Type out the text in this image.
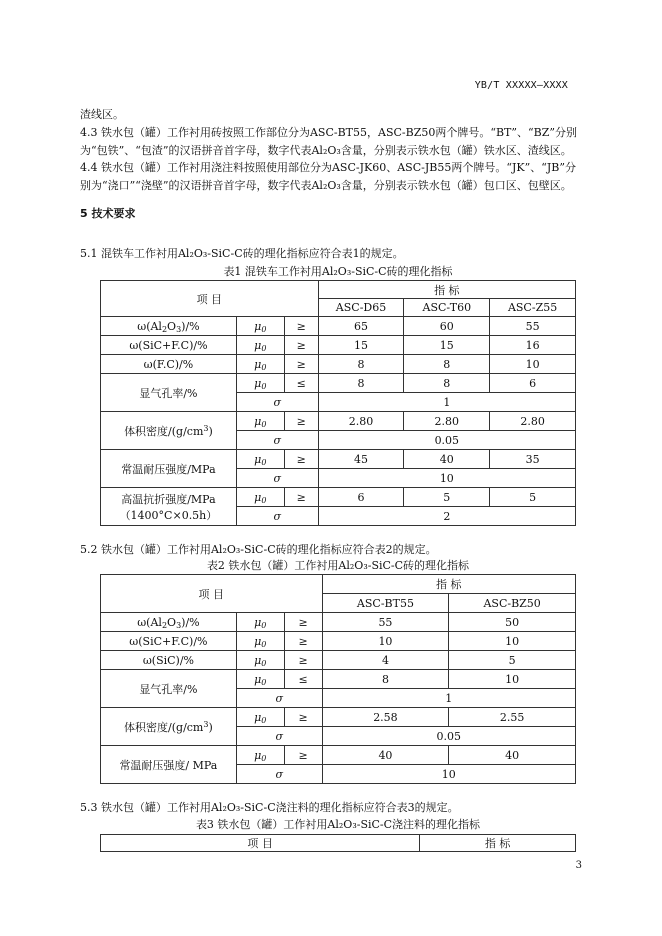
YB/T XXXXX—XXXX
渣线区。
4.3 铁水包（罐）工作衬用砖按照工作部位分为ASC-BT55，ASC-BZ50两个牌号。“BT”、“BZ”分别为“包铁”、“包渣”的汉语拼音首字母，数字代表Al₂O₃含量，分别表示铁水包（罐）铁水区、渣线区。
4.4 铁水包（罐）工作衬用浇注料按照使用部位分为ASC-JK60、ASC-JB55两个牌号。“JK”、“JB”分别为“浇口”“浇壁”的汉语拼音首字母，数字代表Al₂O₃含量，分别表示铁水包（罐）包口区、包壁区。
5 技术要求
5.1 混铁车工作衬用Al₂O₃-SiC-C砖的理化指标应符合表1的规定。
表1 混铁车工作衬用Al₂O₃-SiC-C砖的理化指标
项 目			指 标		
			ASC-D65	ASC-T60	ASC-Z55
$\omega(Al_2O_3)/\%$	$\mu_0$	≥	65	60	55
ω(SiC+F.C)/%	$\mu_0$	≥	15	15	16
ω(F.C)/%	$\mu_0$	≥	8	8	10
显气孔率/%	$\mu_0$	≤	8	8	6
	σ		1		
体积密度$/(g/cm^3)$	$\mu_0$	≥	2.80	2.80	2.80
	σ		0.05		
常温耐压强度/MPa	$\mu_0$	≥	45	40	35
	σ		10		

高温抗折强度/MPa
（1400°C×0.5h）	$\mu_0$	≥	6	5	5
	σ		2		
5.2 铁水包（罐）工作衬用Al₂O₃-SiC-C砖的理化指标应符合表2的规定。
表2 铁水包（罐）工作衬用Al₂O₃-SiC-C砖的理化指标
项 目			指 标	
			ASC-BT55	ASC-BZ50
$\omega(Al_2O_3)/\%$	$\mu_0$	≥	55	50
ω(SiC+F.C)/%	$\mu_0$	≥	10	10
ω(SiC)/%	$\mu_0$	≥	4	5
显气孔率/%	$\mu_0$	≤	8	10
	σ		1	
体积密度$/(g/cm^3)$	$\mu_0$	≥	2.58	2.55
	σ		0.05	
常温耐压强度/ MPa	$\mu_0$	≥	40	40
	σ		10	
5.3 铁水包（罐）工作衬用Al₂O₃-SiC-C浇注料的理化指标应符合表3的规定。
表3 铁水包（罐）工作衬用Al₂O₃-SiC-C浇注料的理化指标
项 目	指 标
3
